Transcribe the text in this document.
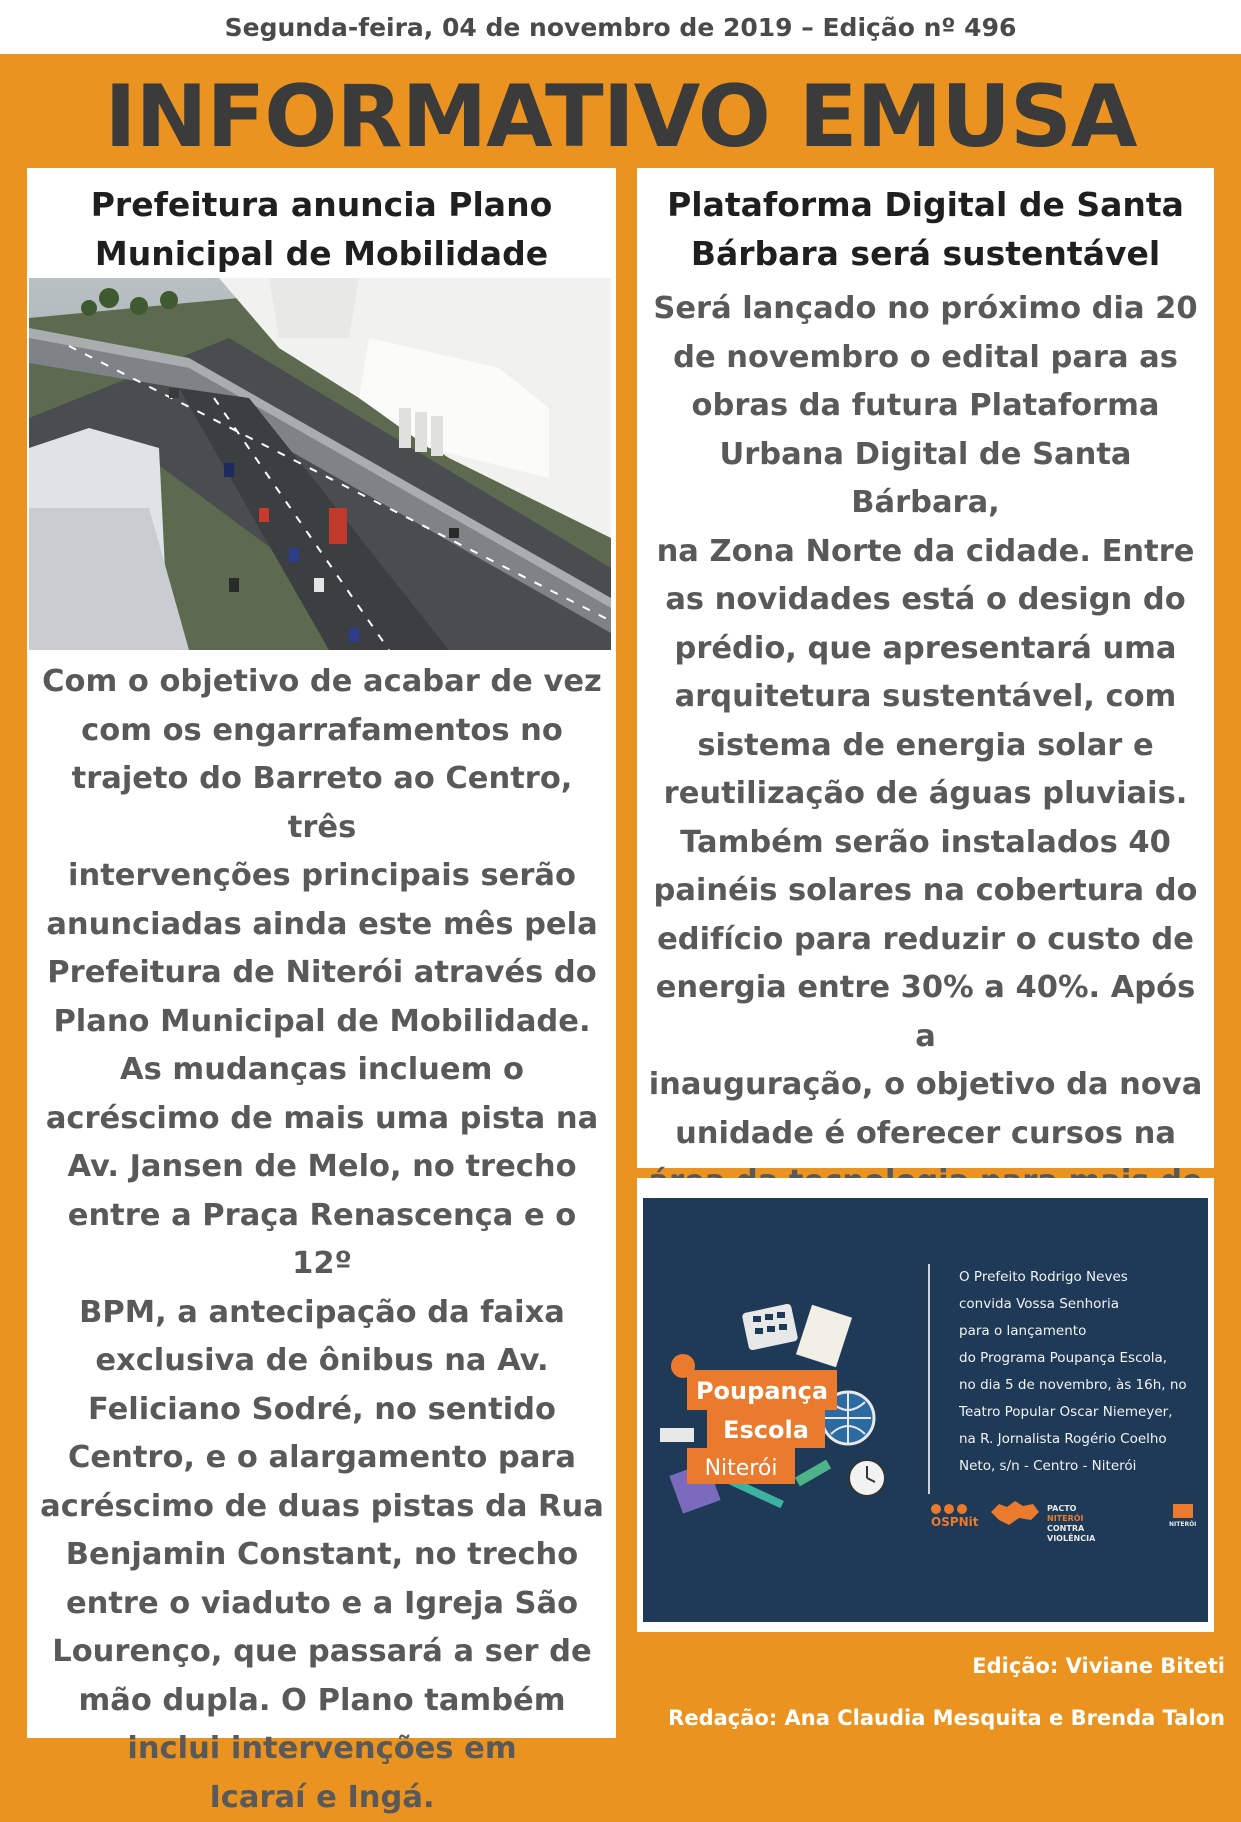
Segunda-feira, 04 de novembro de 2019 – Edição nº 496
INFORMATIVO EMUSA
Prefeitura anuncia Plano
Municipal de Mobilidade
Com o objetivo de acabar de vez
com os engarrafamentos no
trajeto do Barreto ao Centro, três
intervenções principais serão
anunciadas ainda este mês pela
Prefeitura de Niterói através do
Plano Municipal de Mobilidade.
As mudanças incluem o
acréscimo de mais uma pista na
Av. Jansen de Melo, no trecho
entre a Praça Renascença e o 12º
BPM, a antecipação da faixa
exclusiva de ônibus na Av.
Feliciano Sodré, no sentido
Centro, e o alargamento para
acréscimo de duas pistas da Rua
Benjamin Constant, no trecho
entre o viaduto e a Igreja São
Lourenço, que passará a ser de
mão dupla. O Plano também
inclui intervenções em
Icaraí e Ingá.
Plataforma Digital de Santa
Bárbara será sustentável
Será lançado no próximo dia 20
de novembro o edital para as
obras da futura Plataforma
Urbana Digital de Santa Bárbara,
na Zona Norte da cidade. Entre
as novidades está o design do
prédio, que apresentará uma
arquitetura sustentável, com
sistema de energia solar e
reutilização de águas pluviais.
Também serão instalados 40
painéis solares na cobertura do
edifício para reduzir o custo de
energia entre 30% a 40%. Após a
inauguração, o objetivo da nova
unidade é oferecer cursos na
Poupança
Escola
Niterói
O Prefeito Rodrigo Neves
convida Vossa Senhoria
para o lançamento
do Programa Poupança Escola,
no dia 5 de novembro, às 16h, no
Teatro Popular Oscar Niemeyer,
na R. Jornalista Rogério Coelho
Neto, s/n - Centro - Niterói
OSPNit
PACTO
NITERÓI
CONTRA
VIOLÊNCIA
NITERÓI
Edição: Viviane Biteti
Redação: Ana Claudia Mesquita e Brenda Talon
